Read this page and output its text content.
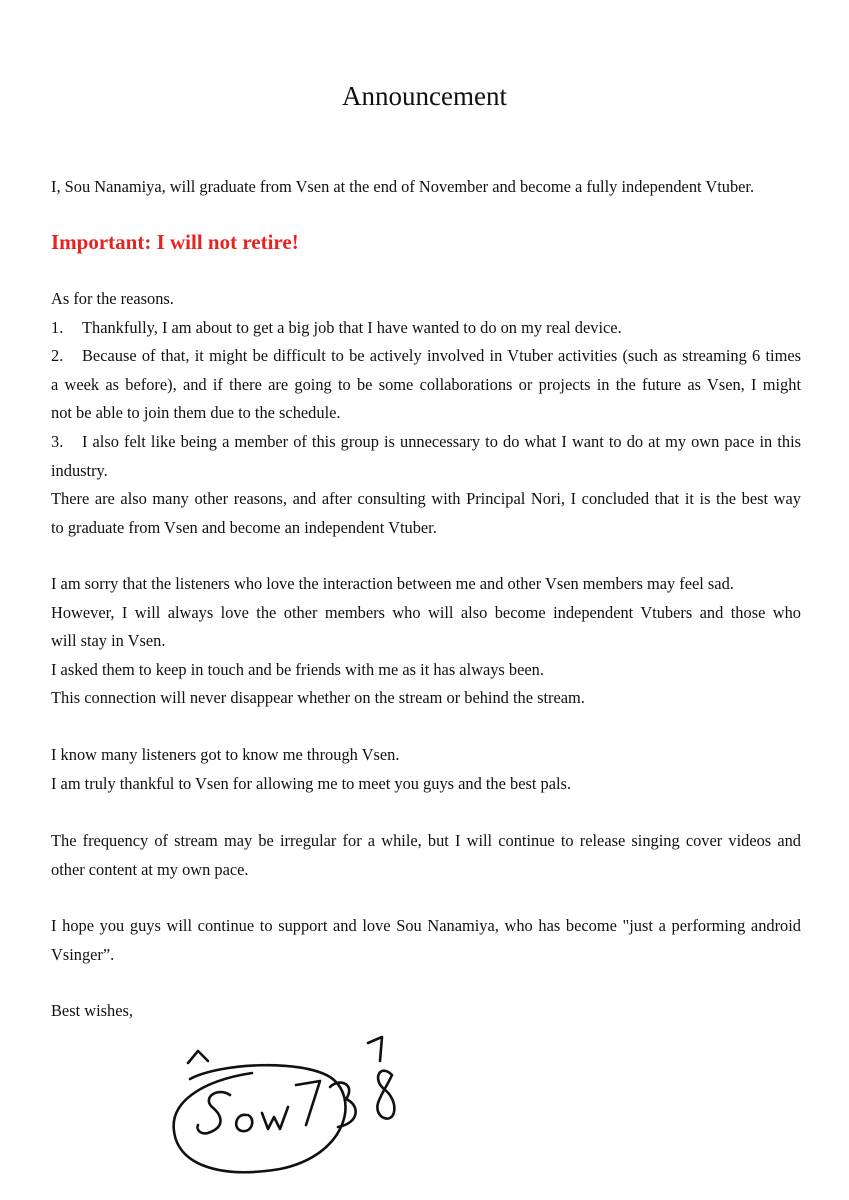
Announcement
I, Sou Nanamiya, will graduate from Vsen at the end of November and become a fully independent Vtuber.
Important: I will not retire!
As for the reasons.
1. Thankfully, I am about to get a big job that I have wanted to do on my real device.
2. Because of that, it might be difficult to be actively involved in Vtuber activities (such as streaming 6 times
a week as before), and if there are going to be some collaborations or projects in the future as Vsen, I might
not be able to join them due to the schedule.
3. I also felt like being a member of this group is unnecessary to do what I want to do at my own pace in this
industry.
There are also many other reasons, and after consulting with Principal Nori, I concluded that it is the best way
to graduate from Vsen and become an independent Vtuber.
I am sorry that the listeners who love the interaction between me and other Vsen members may feel sad.
However, I will always love the other members who will also become independent Vtubers and those who
will stay in Vsen.
I asked them to keep in touch and be friends with me as it has always been.
This connection will never disappear whether on the stream or behind the stream.
I know many listeners got to know me through Vsen.
I am truly thankful to Vsen for allowing me to meet you guys and the best pals.
The frequency of stream may be irregular for a while, but I will continue to release singing cover videos and
other content at my own pace.
I hope you guys will continue to support and love Sou Nanamiya, who has become "just a performing android
Vsinger”.
Best wishes,
